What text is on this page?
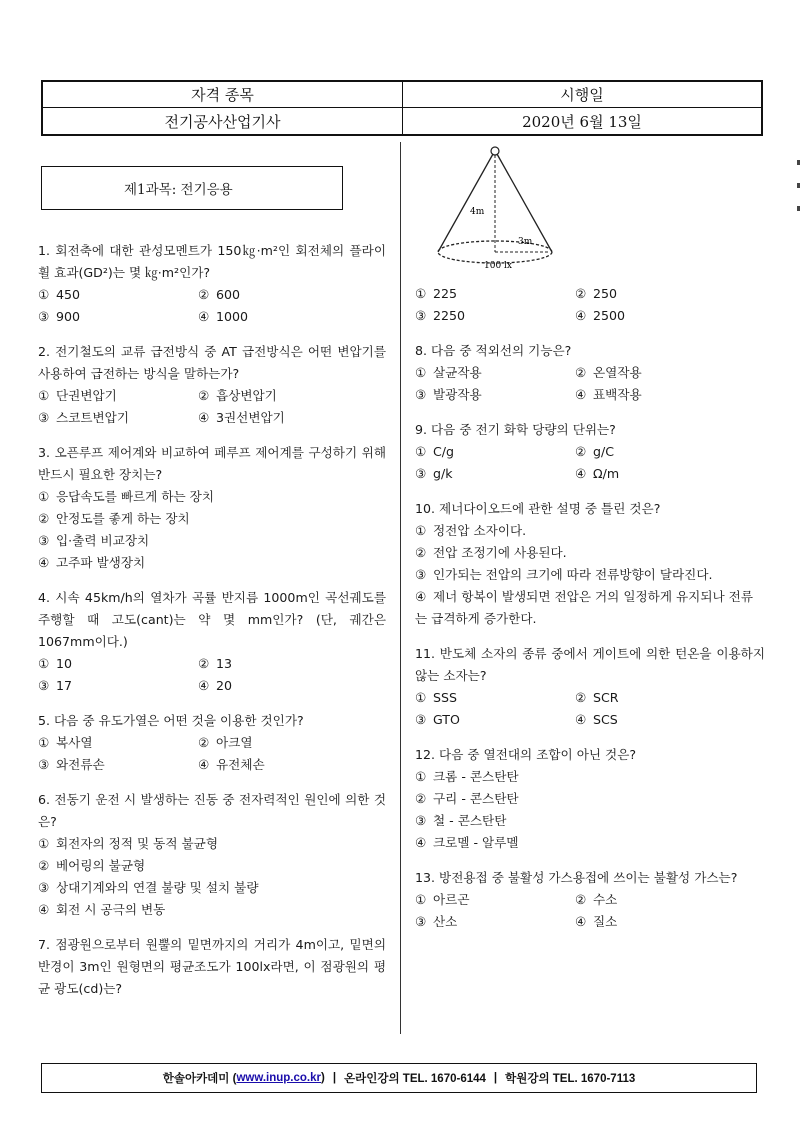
자격 종목	시행일
전기공사산업기사	2020년 6월 13일
제1과목: 전기응용
4m
3m
100 lx
1. 회전축에 대한 관성모멘트가 150㎏·m²인 회전체의 플라이휠 효과(GD²)는 몇 ㎏·m²인가?
① 450	② 600
③ 900	④ 1000
2. 전기철도의 교류 급전방식 중 AT 급전방식은 어떤 변압기를 사용하여 급전하는 방식을 말하는가?
① 단권변압기	② 흡상변압기
③ 스코트변압기	④ 3권선변압기
3. 오픈루프 제어계와 비교하여 페루프 제어계를 구성하기 위해 반드시 필요한 장치는?
① 응답속도를 빠르게 하는 장치
② 안정도를 좋게 하는 장치
③ 입·출력 비교장치
④ 고주파 발생장치
4. 시속 45km/h의 열차가 곡률 반지름 1000m인 곡선궤도를 주행할 때 고도(cant)는 약 몇 mm인가? (단, 궤간은 1067mm이다.)
① 10	② 13
③ 17	④ 20
5. 다음 중 유도가열은 어떤 것을 이용한 것인가?
① 복사열	② 아크열
③ 와전류손	④ 유전체손
6. 전동기 운전 시 발생하는 진동 중 전자력적인 원인에 의한 것은?
① 회전자의 정적 및 동적 불균형
② 베어링의 불균형
③ 상대기계와의 연결 불량 및 설치 불량
④ 회전 시 공극의 변동
7. 점광원으로부터 원뿔의 밑면까지의 거리가 4m이고, 밑면의 반경이 3m인 원형면의 평균조도가 100lx라면, 이 점광원의 평균 광도(cd)는?
① 225	② 250
③ 2250	④ 2500
8. 다음 중 적외선의 기능은?
① 살균작용	② 온열작용
③ 발광작용	④ 표백작용
9. 다음 중 전기 화학 당량의 단위는?
① C/g	② g/C
③ g/k	④ Ω/m
10. 제너다이오드에 관한 설명 중 틀린 것은?
① 정전압 소자이다.
② 전압 조정기에 사용된다.
③ 인가되는 전압의 크기에 따라 전류방향이 달라진다.
④ 제너 항복이 발생되면 전압은 거의 일정하게 유지되나 전류는 급격하게 증가한다.
11. 반도체 소자의 종류 중에서 게이트에 의한 턴온을 이용하지 않는 소자는?
① SSS	② SCR
③ GTO	④ SCS
12. 다음 중 열전대의 조합이 아닌 것은?
① 크롬 - 콘스탄탄
② 구리 - 콘스탄탄
③ 철 - 콘스탄탄
④ 크로멜 - 알루멜
13. 방전용접 중 불활성 가스용접에 쓰이는 불활성 가스는?
① 아르곤	② 수소
③ 산소	④ 질소
한솔아카데미 ( www.inup.co.kr ) | 온라인강의 TEL. 1670-6144 | 학원강의 TEL. 1670-7113
